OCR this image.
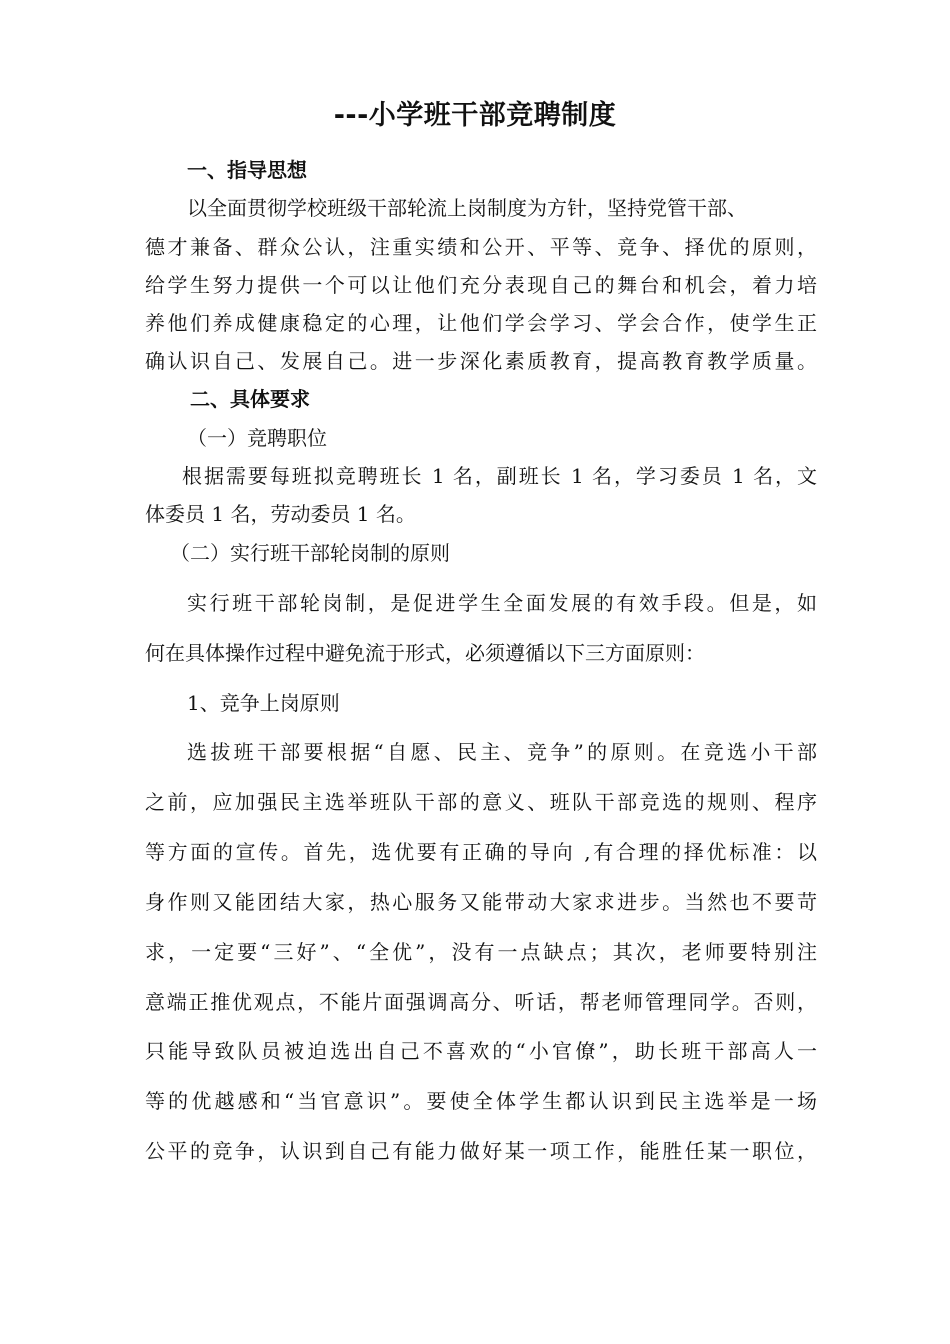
---小学班干部竞聘制度
一、指导思想
以全面贯彻学校班级干部轮流上岗制度为方针，坚持党管干部、
德才兼备、群众公认，注重实绩和公开、平等、竞争、择优的原则，
给学生努力提供一个可以让他们充分表现自己的舞台和机会，着力培
养他们养成健康稳定的心理，让他们学会学习、学会合作，使学生正
确认识自己、发展自己。进一步深化素质教育，提高教育教学质量。
二、具体要求
（一）竞聘职位
根据需要每班拟竞聘班长 1 名，副班长 1 名，学习委员 1 名，文
体委员 1 名，劳动委员 1 名。
（二）实行班干部轮岗制的原则
实行班干部轮岗制，是促进学生全面发展的有效手段。但是，如
何在具体操作过程中避免流于形式，必须遵循以下三方面原则：
1、竞争上岗原则
选拔班干部要根据“自愿、民主、竞争”的原则。在竞选小干部
之前，应加强民主选举班队干部的意义、班队干部竞选的规则、程序
等方面的宣传。首先，选优要有正确的导向 ,有合理的择优标准：以
身作则又能团结大家，热心服务又能带动大家求进步。当然也不要苛
求，一定要“三好”、“全优”，没有一点缺点；其次，老师要特别注
意端正推优观点，不能片面强调高分、听话，帮老师管理同学。否则，
只能导致队员被迫选出自己不喜欢的“小官僚”，助长班干部高人一
等的优越感和“当官意识”。要使全体学生都认识到民主选举是一场
公平的竞争，认识到自己有能力做好某一项工作，能胜任某一职位，
